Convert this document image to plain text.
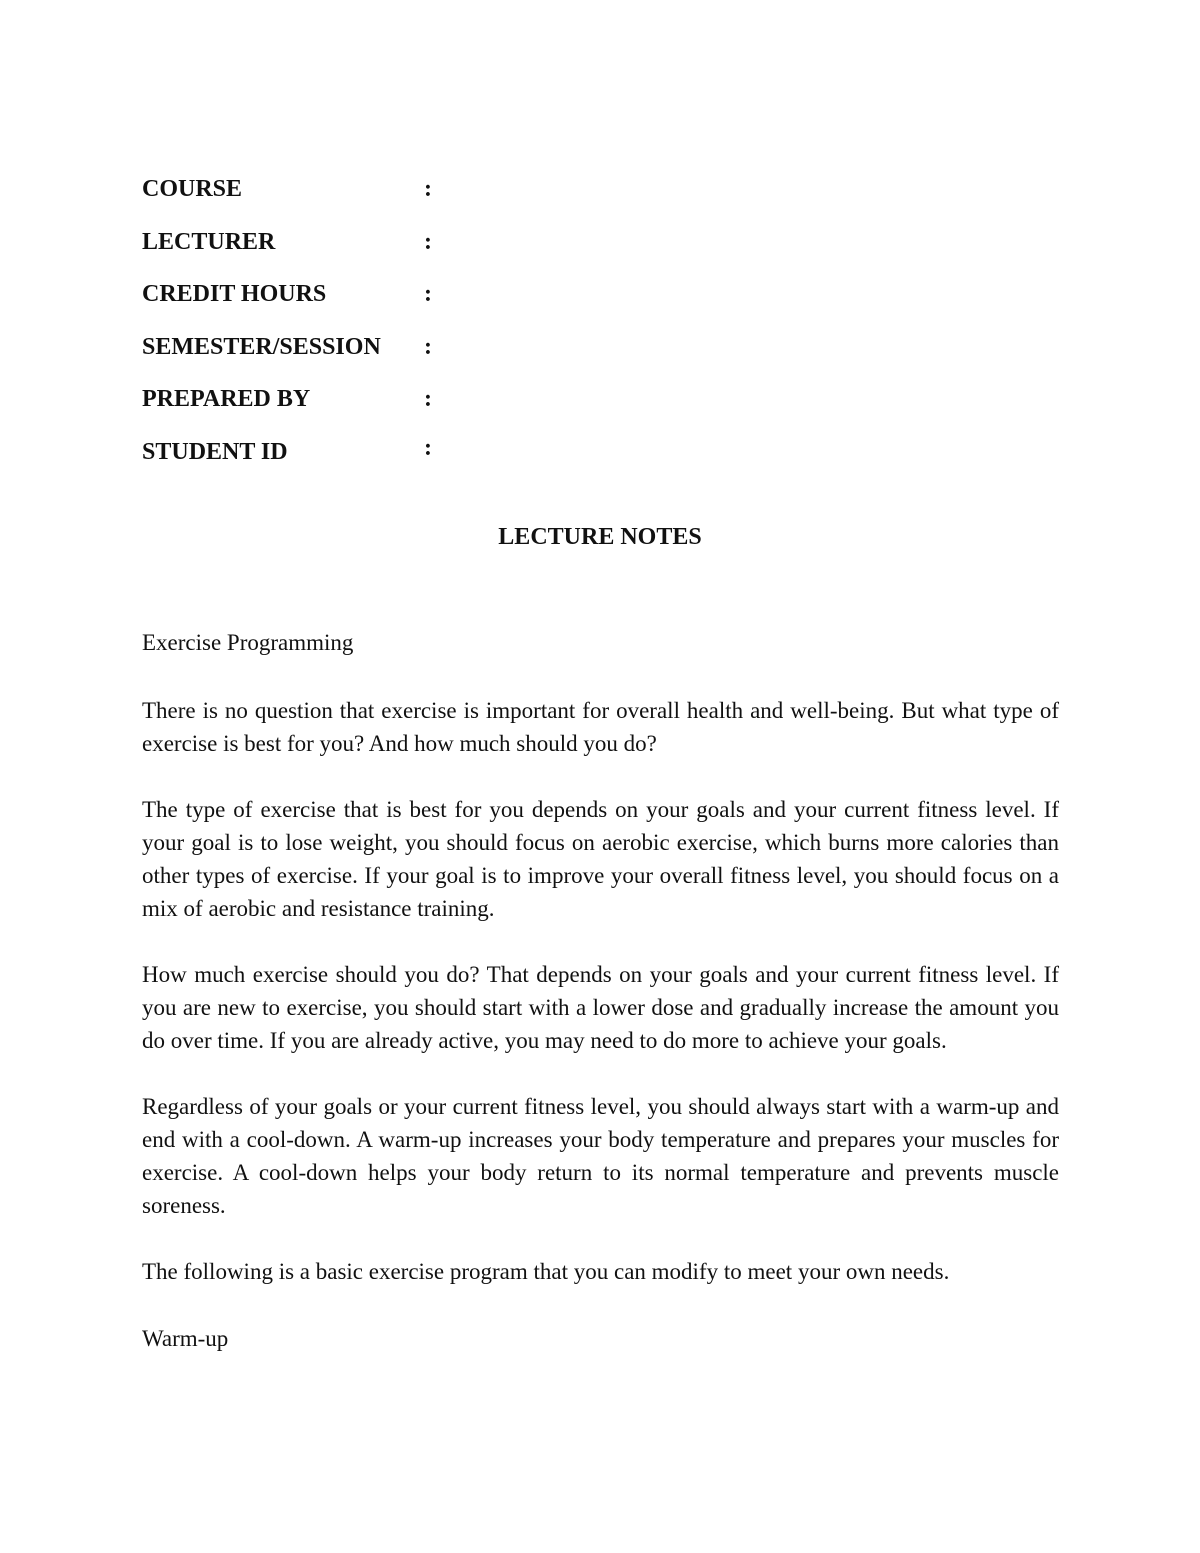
COURSE	:
LECTURER	:
CREDIT HOURS	:
SEMESTER/SESSION :
PREPARED BY	:
STUDENT ID	:
LECTURE NOTES

Exercise Programming

There is no question that exercise is important for overall health and well-being. But what type of exercise is best for you? And how much should you do?

The type of exercise that is best for you depends on your goals and your current fitness level. If your goal is to lose weight, you should focus on aerobic exercise, which burns more calories than other types of exercise. If your goal is to improve your overall fitness level, you should focus on a mix of aerobic and resistance training.

How much exercise should you do? That depends on your goals and your current fitness level. If you are new to exercise, you should start with a lower dose and gradually increase the amount you do over time. If you are already active, you may need to do more to achieve your goals.

Regardless of your goals or your current fitness level, you should always start with a warm-up and end with a cool-down. A warm-up increases your body temperature and prepares your muscles for exercise. A cool-down helps your body return to its normal temperature and prevents muscle soreness.

The following is a basic exercise program that you can modify to meet your own needs.

Warm-up
